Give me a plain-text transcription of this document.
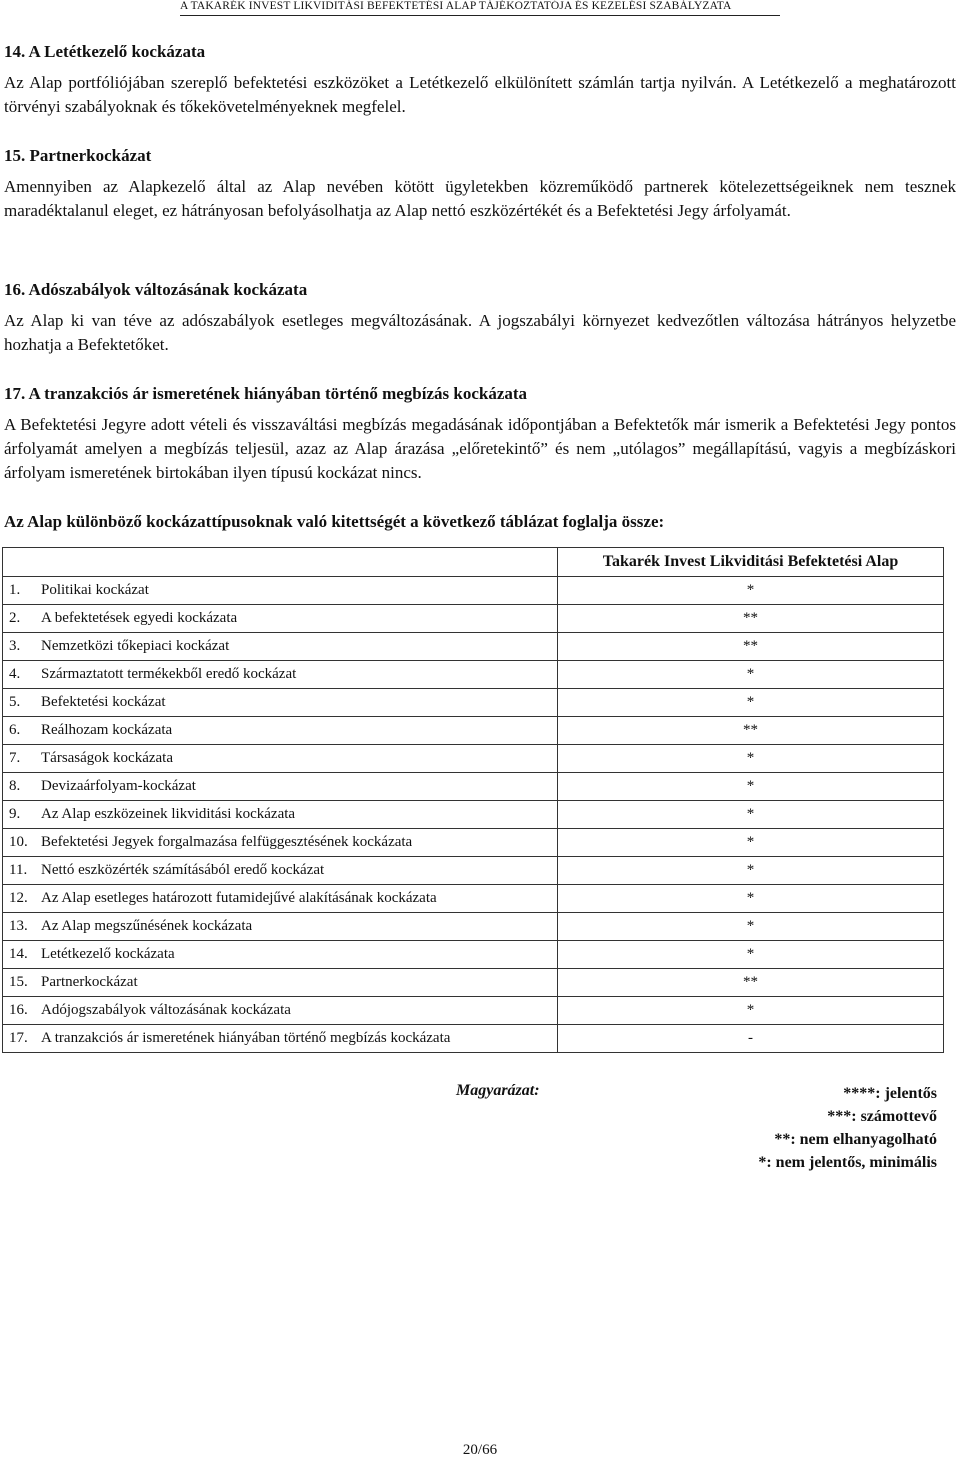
A TAKARÉK INVEST LIKVIDITÁSI BEFEKTETÉSI ALAP TÁJÉKOZTATÓJA ÉS KEZELÉSI SZABÁLYZATA
14. A Letétkezelő kockázata

Az Alap portfóliójában szereplő befektetési eszközöket a Letétkezelő elkülönített számlán tartja nyilván. A Letétkezelő a meghatározott törvényi szabályoknak és tőkekövetelményeknek megfelel.

15. Partnerkockázat

Amennyiben az Alapkezelő által az Alap nevében kötött ügyletekben közreműködő partnerek kötelezettségeiknek nem tesznek maradéktalanul eleget, ez hátrányosan befolyásolhatja az Alap nettó eszközértékét és a Befektetési Jegy árfolyamát.

16. Adószabályok változásának kockázata

Az Alap ki van téve az adószabályok esetleges megváltozásának. A jogszabályi környezet kedvezőtlen változása hátrányos helyzetbe hozhatja a Befektetőket.

17. A tranzakciós ár ismeretének hiányában történő megbízás kockázata

A Befektetési Jegyre adott vételi és visszaváltási megbízás megadásának időpontjában a Befektetők már ismerik a Befektetési Jegy pontos árfolyamát amelyen a megbízás teljesül, azaz az Alap árazása „előretekintő” és nem „utólagos” megállapítású, vagyis a megbízáskori árfolyam ismeretének birtokában ilyen típusú kockázat nincs.

Az Alap különböző kockázattípusoknak való kitettségét a következő táblázat foglalja össze:
	Takarék Invest Likviditási Befektetési Alap
1. Politikai kockázat	*
2. A befektetések egyedi kockázata	**
3. Nemzetközi tőkepiaci kockázat	**
4. Származtatott termékekből eredő kockázat	*
5. Befektetési kockázat	*
6. Reálhozam kockázata	**
7. Társaságok kockázata	*
8. Devizaárfolyam-kockázat	*
9. Az Alap eszközeinek likviditási kockázata	*
10. Befektetési Jegyek forgalmazása felfüggesztésének kockázata	*
11. Nettó eszközérték számításából eredő kockázat	*
12. Az Alap esetleges határozott futamidejűvé alakításának kockázata	*
13. Az Alap megszűnésének kockázata	*
14. Letétkezelő kockázata	*
15. Partnerkockázat	**
16. Adójogszabályok változásának kockázata	*
17. A tranzakciós ár ismeretének hiányában történő megbízás kockázata	-
Magyarázat:	****: jelentős
***: számottevő
**: nem elhanyagolható
*: nem jelentős, minimális
20/66
